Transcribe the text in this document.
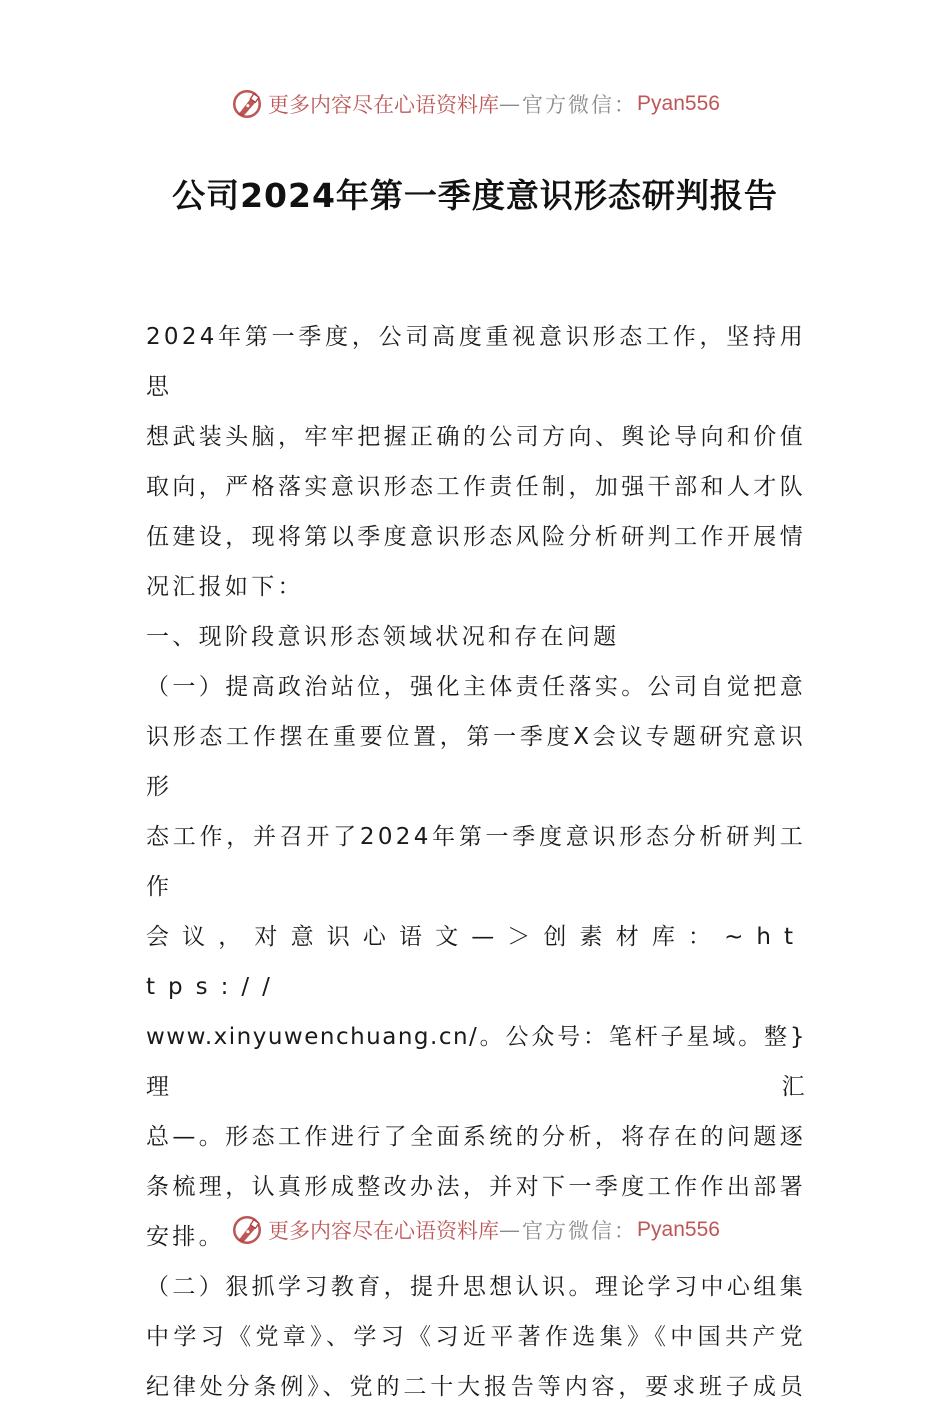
更多内容尽在心语资料库 — 官方微信： Pyan556
公司2024年第一季度意识形态研判报告

2024年第一季度，公司高度重视意识形态工作，坚持用思
想武装头脑，牢牢把握正确的公司方向、舆论导向和价值
取向，严格落实意识形态工作责任制，加强干部和人才队
伍建设，现将第以季度意识形态风险分析研判工作开展情
况汇报如下：

一、现阶段意识形态领域状况和存在问题

（一）提高政治站位，强化主体责任落实。公司自觉把意
识形态工作摆在重要位置，第一季度X会议专题研究意识形
态工作，并召开了2024年第一季度意识形态分析研判工作
会议，对意识心语文—＞创素材库：~https://
www.xinyuwenchuang.cn/。公众号：笔杆子星域。整}理汇
总—。形态工作进行了全面系统的分析，将存在的问题逐
条梳理，认真形成整改办法，并对下一季度工作作出部署
安排。

（二）狠抓学习教育，提升思想认识。理论学习中心组集
中学习《党章》、学习《习近平著作选集》《中国共产党
纪律处分条例》、党的二十大报告等内容，要求班子成员

更多内容尽在心语资料库 — 官方微信： Pyan556
